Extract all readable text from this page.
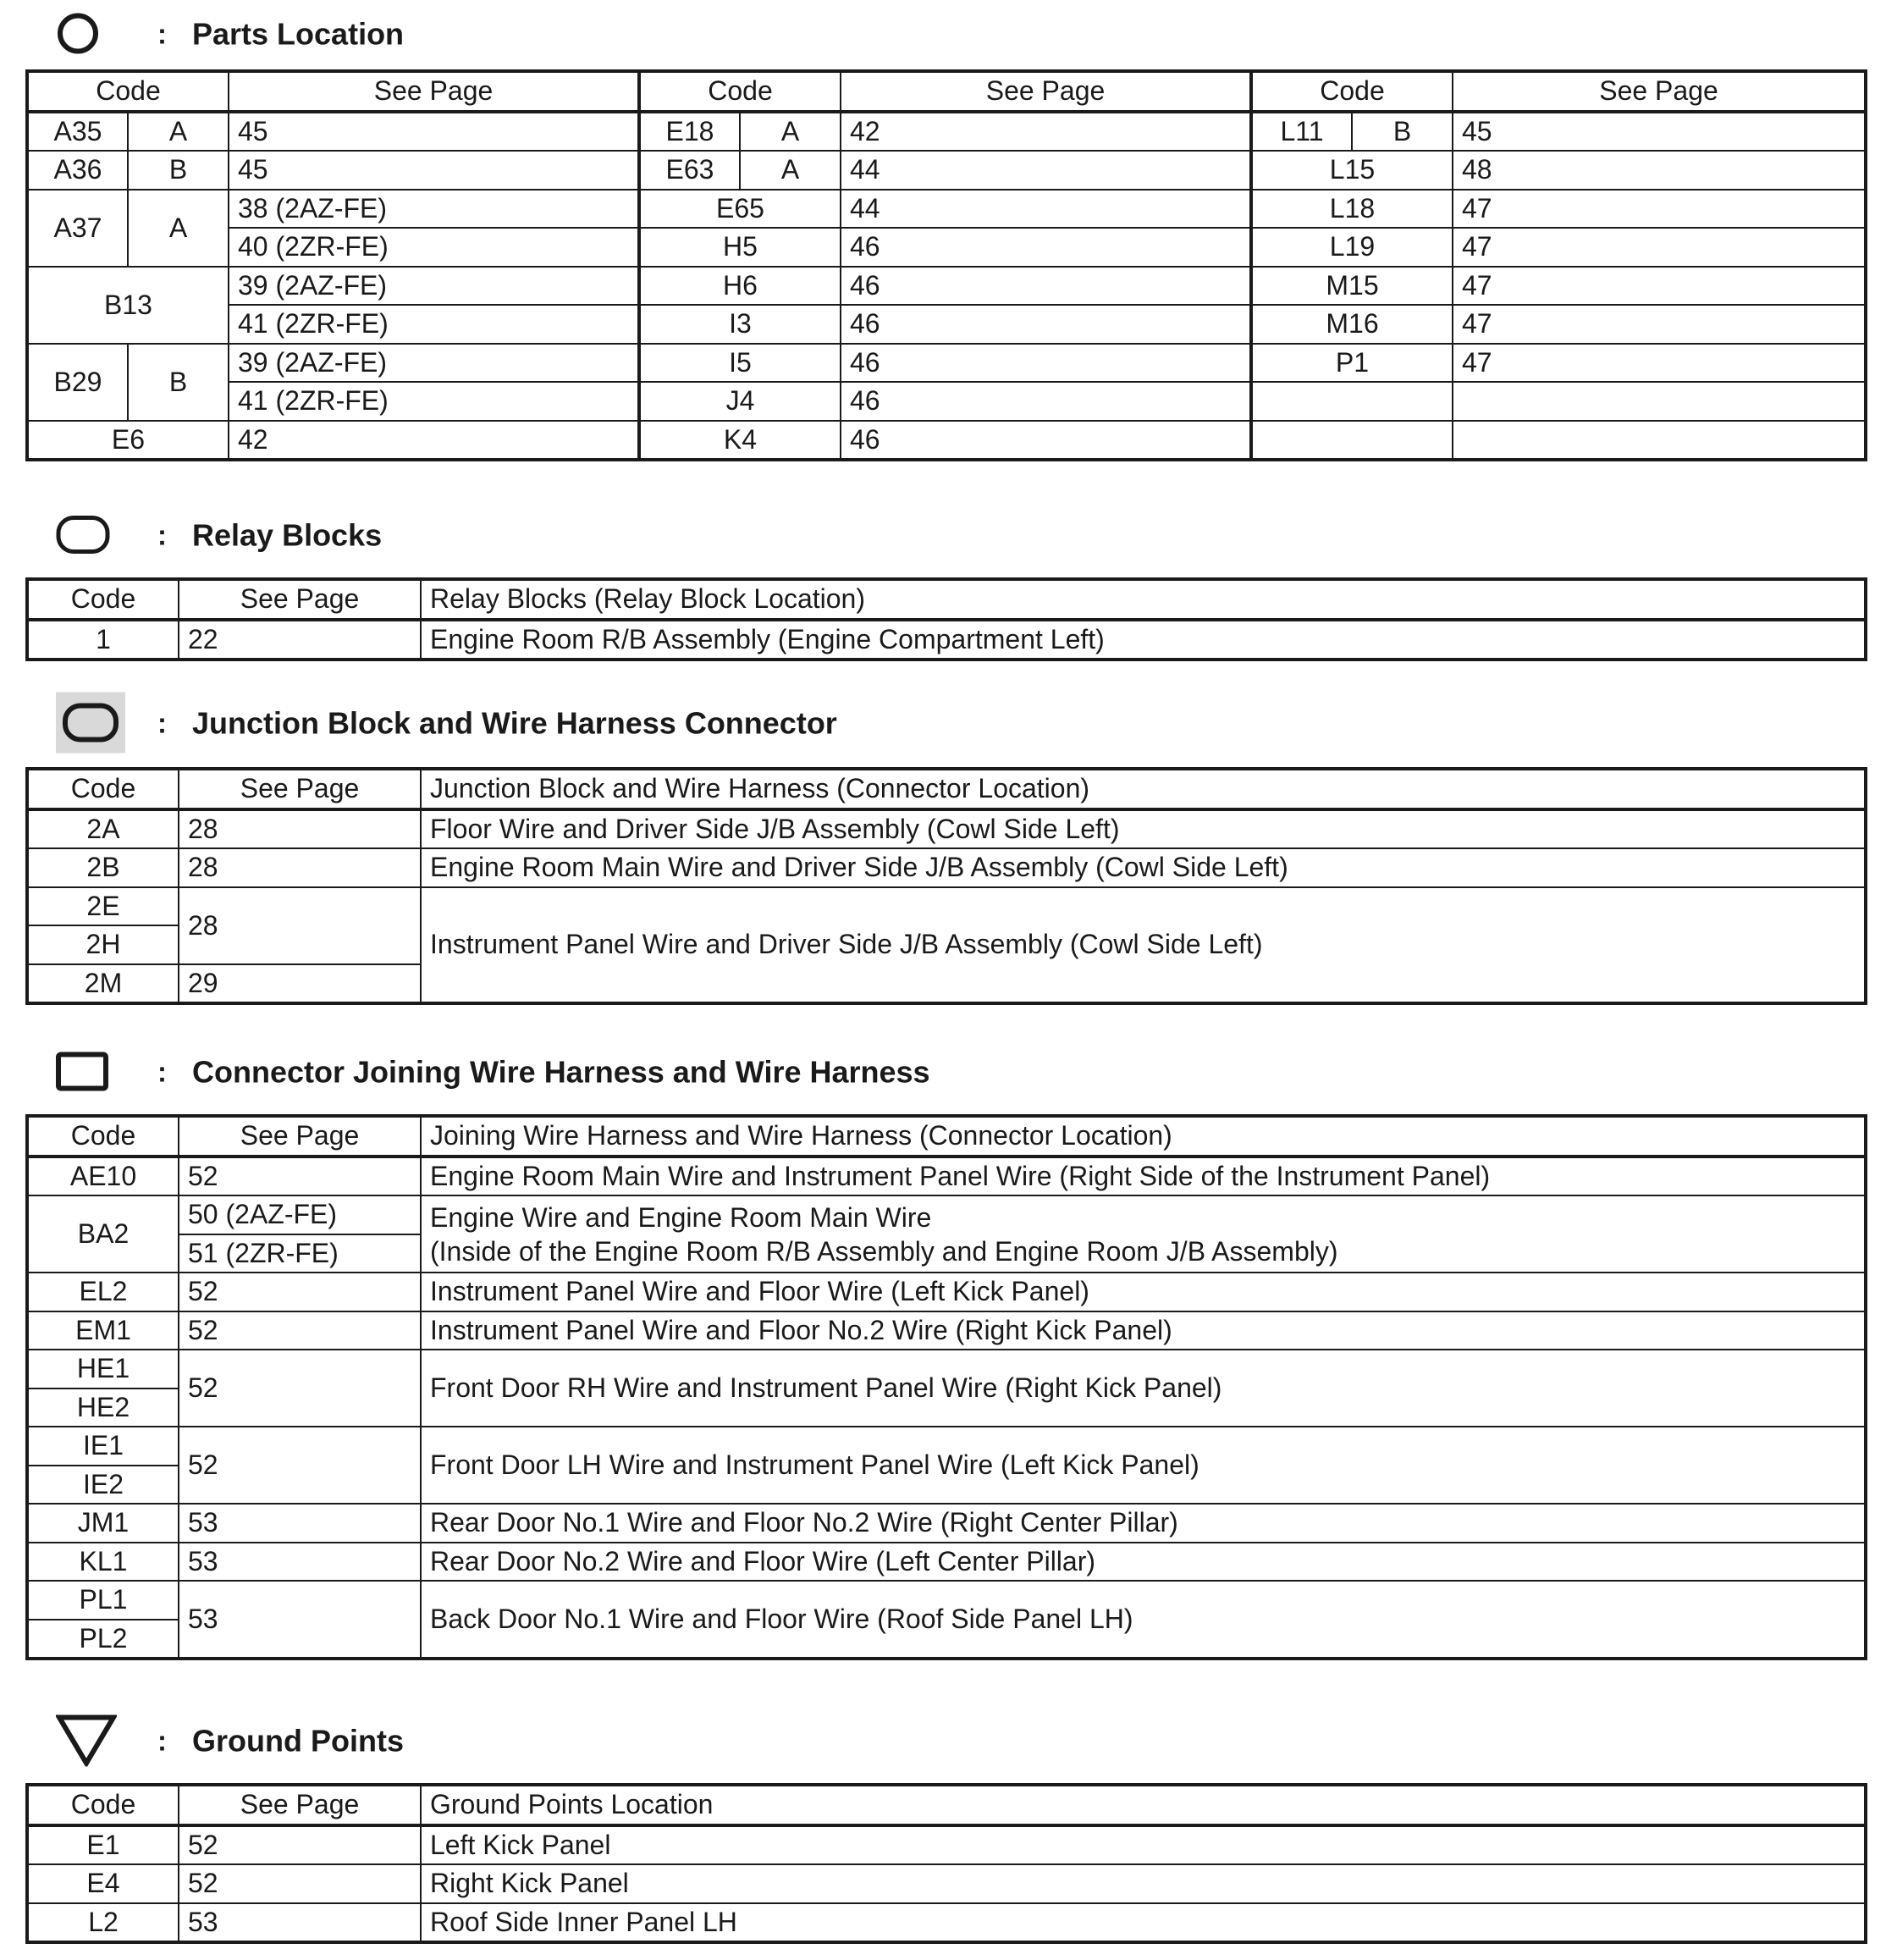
: Parts Location
Code		See Page	Code		See Page	Code		See Page
A35	A	45	E18	A	42	L11	B	45
A36	B	45	E63	A	44	L15		48
A37	A	38 (2AZ-FE)	E65		44	L18		47
		40 (2ZR-FE)	H5		46	L19		47
B13		39 (2AZ-FE)	H6		46	M15		47
		41 (2ZR-FE)	I3		46	M16		47
B29	B	39 (2AZ-FE)	I5		46	P1		47
		41 (2ZR-FE)	J4		46			
E6		42	K4		46			
: Relay Blocks
Code	See Page	Relay Blocks (Relay Block Location)
1	22	Engine Room R/B Assembly (Engine Compartment Left)
: Junction Block and Wire Harness Connector
Code	See Page	Junction Block and Wire Harness (Connector Location)
2A	28	Floor Wire and Driver Side J/B Assembly (Cowl Side Left)
2B	28	Engine Room Main Wire and Driver Side J/B Assembly (Cowl Side Left)
2E	28	Instrument Panel Wire and Driver Side J/B Assembly (Cowl Side Left)
2H		
2M	29	
: Connector Joining Wire Harness and Wire Harness
Code	See Page	Joining Wire Harness and Wire Harness (Connector Location)
AE10	52	Engine Room Main Wire and Instrument Panel Wire (Right Side of the Instrument Panel)
BA2	50 (2AZ-FE)	Engine Wire and Engine Room Main Wire
(Inside of the Engine Room R/B Assembly and Engine Room J/B Assembly)

	51 (2ZR-FE)	
EL2	52	Instrument Panel Wire and Floor Wire (Left Kick Panel)
EM1	52	Instrument Panel Wire and Floor No.2 Wire (Right Kick Panel)
HE1	52	Front Door RH Wire and Instrument Panel Wire (Right Kick Panel)
HE2		
IE1	52	Front Door LH Wire and Instrument Panel Wire (Left Kick Panel)
IE2		
JM1	53	Rear Door No.1 Wire and Floor No.2 Wire (Right Center Pillar)
KL1	53	Rear Door No.2 Wire and Floor Wire (Left Center Pillar)
PL1	53	Back Door No.1 Wire and Floor Wire (Roof Side Panel LH)
PL2		
: Ground Points
Code	See Page	Ground Points Location
E1	52	Left Kick Panel
E4	52	Right Kick Panel
L2	53	Roof Side Inner Panel LH
